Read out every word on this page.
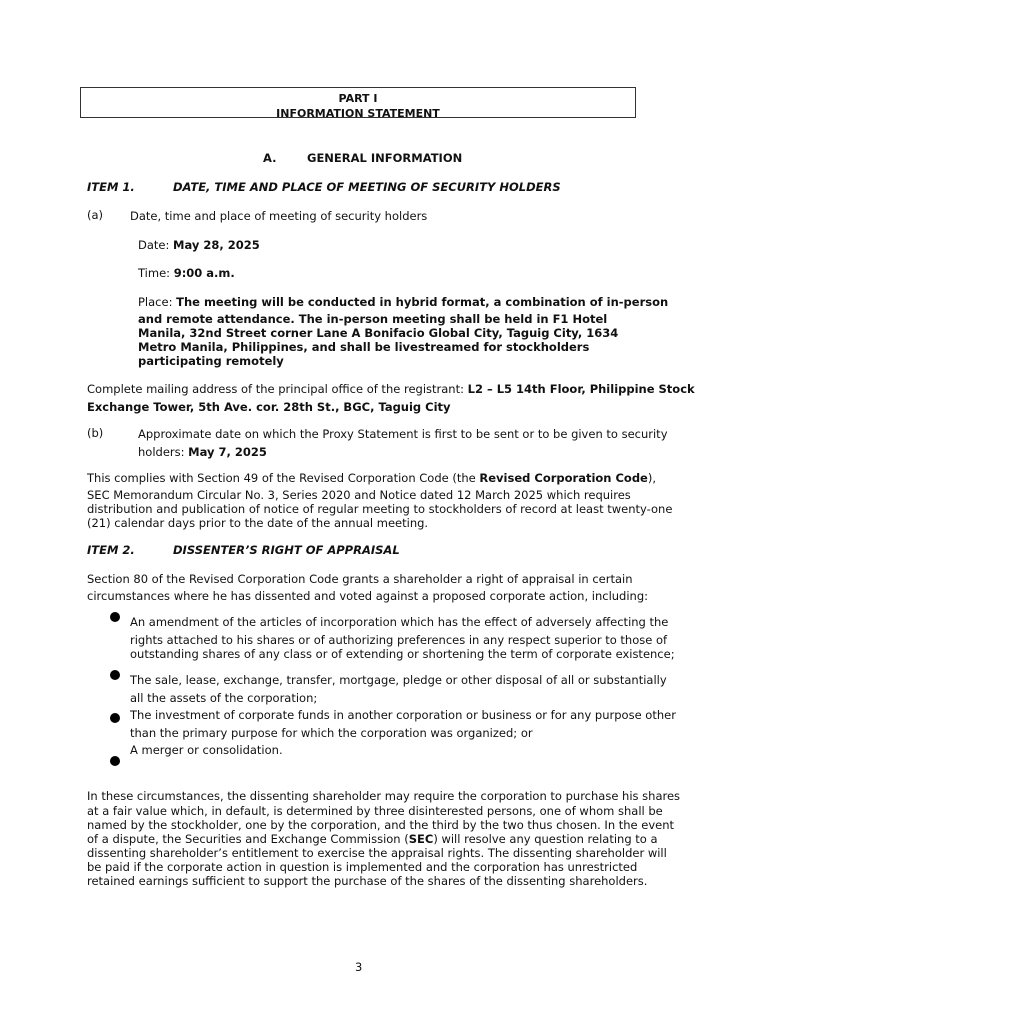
PART I
INFORMATION STATEMENT
A.	GENERAL INFORMATION
ITEM 1.	DATE, TIME AND PLACE OF MEETING OF SECURITY HOLDERS
(a) Date, time and place of meeting of security holders
Date: May 28, 2025
Time: 9:00 a.m.
Place: The meeting will be conducted in hybrid format, a combination of in-person
and remote attendance. The in-person meeting shall be held in F1 Hotel
Manila, 32nd Street corner Lane A Bonifacio Global City, Taguig City, 1634
Metro Manila, Philippines, and shall be livestreamed for stockholders
participating remotely
Complete mailing address of the principal office of the registrant: L2 – L5 14th Floor, Philippine Stock
Exchange Tower, 5th Ave. cor. 28th St., BGC, Taguig City
(b)	Approximate date on which the Proxy Statement is first to be sent or to be given to security
holders: May 7, 2025
This complies with Section 49 of the Revised Corporation Code (the Revised Corporation Code),
SEC Memorandum Circular No. 3, Series 2020 and Notice dated 12 March 2025 which requires
distribution and publication of notice of regular meeting to stockholders of record at least twenty-one
(21) calendar days prior to the date of the annual meeting.
ITEM 2.	DISSENTER’S RIGHT OF APPRAISAL
Section 80 of the Revised Corporation Code grants a shareholder a right of appraisal in certain
circumstances where he has dissented and voted against a proposed corporate action, including:
An amendment of the articles of incorporation which has the effect of adversely affecting the
rights attached to his shares or of authorizing preferences in any respect superior to those of
outstanding shares of any class or of extending or shortening the term of corporate existence;
The sale, lease, exchange, transfer, mortgage, pledge or other disposal of all or substantially
all the assets of the corporation;
The investment of corporate funds in another corporation or business or for any purpose other
than the primary purpose for which the corporation was organized; or
A merger or consolidation.
In these circumstances, the dissenting shareholder may require the corporation to purchase his shares
at a fair value which, in default, is determined by three disinterested persons, one of whom shall be
named by the stockholder, one by the corporation, and the third by the two thus chosen. In the event
of a dispute, the Securities and Exchange Commission (SEC) will resolve any question relating to a
dissenting shareholder’s entitlement to exercise the appraisal rights. The dissenting shareholder will
be paid if the corporate action in question is implemented and the corporation has unrestricted
retained earnings sufficient to support the purchase of the shares of the dissenting shareholders.
3
